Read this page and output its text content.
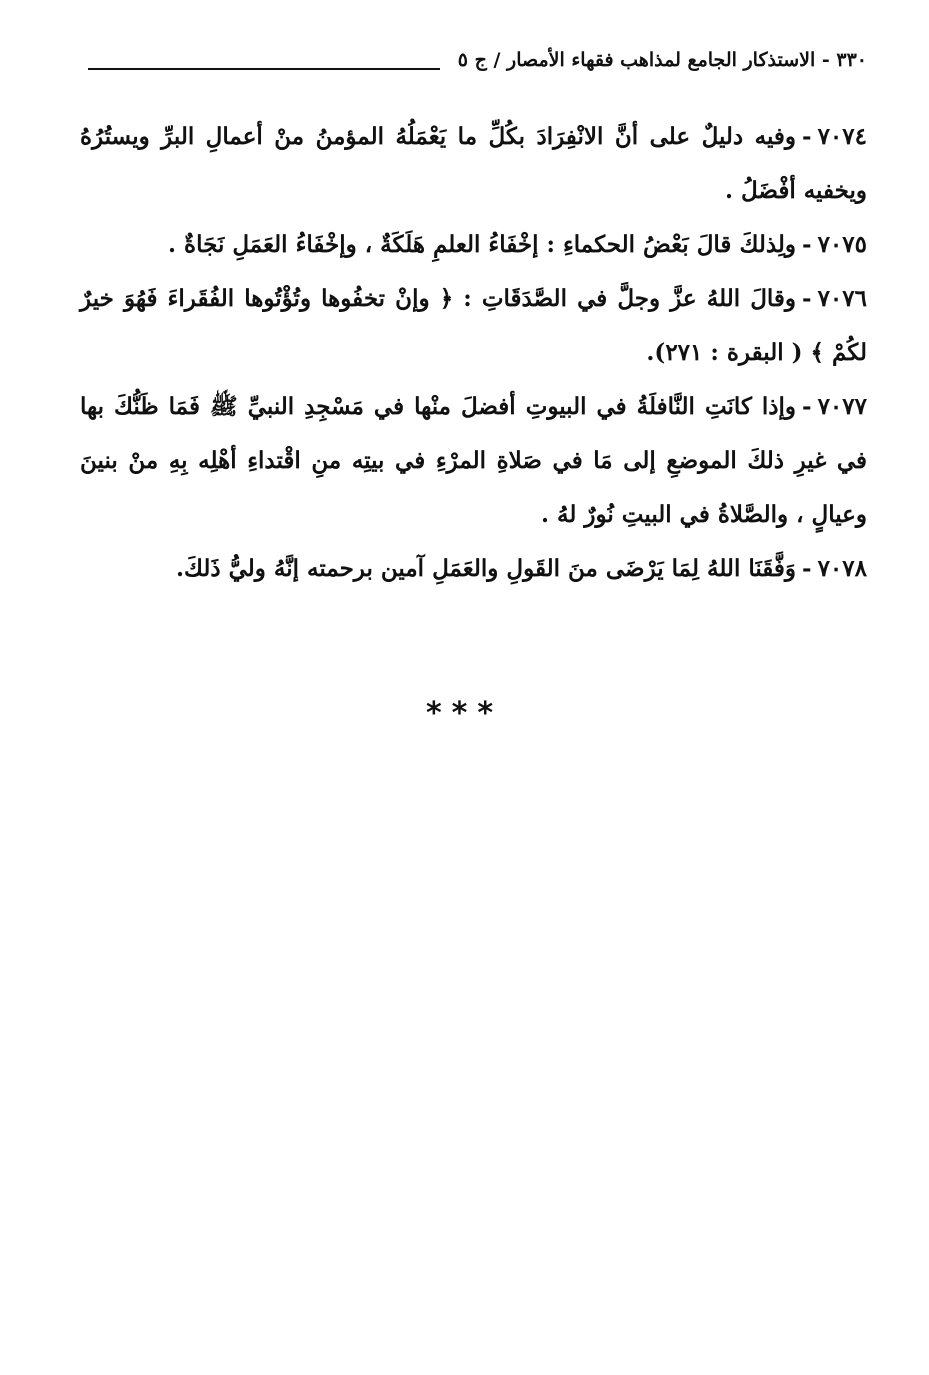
٣٣٠ - الاستذكار الجامع لمذاهب فقهاء الأمصار / ج ٥

٧٠٧٤-وفيه دليلٌ على أنَّ الانْفِرَادَ بكُلِّ ما يَعْمَلُهُ المؤمنُ منْ أعمالِ البرِّ ويستُرُهُ ويخفيه أفْضَلُ .

٧٠٧٥-ولِذلكَ قالَ بَعْضُ الحكماءِ : إخْفَاءُ العلمِ هَلَكَةٌ ، وإخْفَاءُ العَمَلِ نَجَاةٌ .

٧٠٧٦-وقالَ اللهُ عزَّ وجلَّ في الصَّدَقَاتِ : ﴿ وإنْ تخفُوها وتُؤْتُوها الفُقَراءَ فَهُوَ خيرٌ لكُمْ ﴾ ( البقرة : ٢٧١).

٧٠٧٧-وإذا كانَتِ النَّافلَةُ في البيوتِ أفضلَ منْها في مَسْجِدِ النبيِّ ﷺ فَمَا ظَنُّكَ بها في غيرِ ذلكَ الموضعِ إلى مَا في صَلاةِ المرْءِ في بيتِه منِ اقْتداءِ أهْلِه بِهِ منْ بنينَ وعيالٍ ، والصَّلاةُ في البيتِ نُورٌ لهُ .

٧٠٧٨-وَفَّقَنَا اللهُ لِمَا يَرْضَى منَ القَولِ والعَمَلِ آمين برحمته إنَّهُ وليُّ ذَلكَ.

***
